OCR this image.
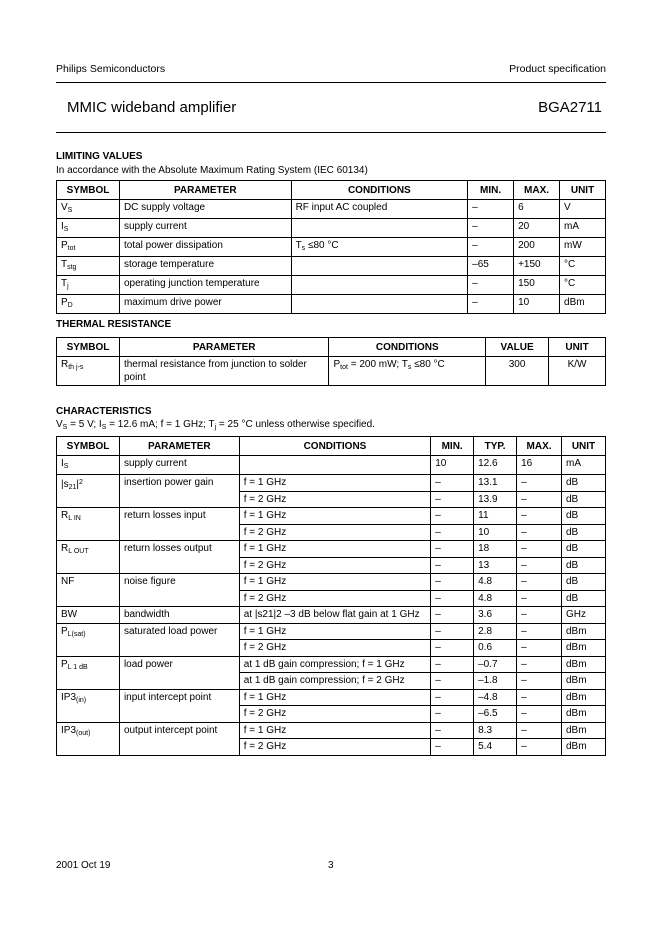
Philips Semiconductors	Product specification
MMIC wideband amplifier	BGA2711
LIMITING VALUES
In accordance with the Absolute Maximum Rating System (IEC 60134)
SYMBOL	PARAMETER	CONDITIONS	MIN.	MAX.	UNIT
$V_S$	DC supply voltage	RF input AC coupled	–	6	V
$I_S$	supply current		–	20	mA
$P_{tot}$	total power dissipation	$T_s \le 80$ °C	–	200	mW
$T_{stg}$	storage temperature		–65	+150	°C
$T_j$	operating junction temperature		–	150	°C
$P_D$	maximum drive power		–	10	dBm
THERMAL RESISTANCE
SYMBOL	PARAMETER	CONDITIONS	VALUE	UNIT
$R_{th j-s}$	thermal resistance from junction to solder point	$P_{tot} = 200$ mW; $T_s \le 80$ °C	300	K/W
CHARACTERISTICS
$V_S = 5$ V; $I_S = 12.6$ mA; f = 1 GHz; $T_j = 25$ °C unless otherwise specified.
SYMBOL	PARAMETER	CONDITIONS	MIN.	TYP.	MAX.	UNIT
$I_S$	supply current		10	12.6	16	mA
$|s_{21}|^2$	insertion power gain	f = 1 GHz	–	13.1	–	dB
		f = 2 GHz	–	13.9	–	dB
$R_{L IN}$	return losses input	f = 1 GHz	–	11	–	dB
		f = 2 GHz	–	10	–	dB
$R_{L OUT}$	return losses output	f = 1 GHz	–	18	–	dB
		f = 2 GHz	–	13	–	dB
NF	noise figure	f = 1 GHz	–	4.8	–	dB
		f = 2 GHz	–	4.8	–	dB
BW	bandwidth	at |s21|2 –3 dB below flat gain at 1 GHz	–	3.6	–	GHz
$P_{L(sat)}$	saturated load power	f = 1 GHz	–	2.8	–	dBm
		f = 2 GHz	–	0.6	–	dBm
$P_{L 1 dB}$	load power	at 1 dB gain compression; f = 1 GHz	–	–0.7	–	dBm
		at 1 dB gain compression; f = 2 GHz	–	–1.8	–	dBm
$IP3_{(in)}$	input intercept point	f = 1 GHz	–	–4.8	–	dBm
		f = 2 GHz	–	–6.5	–	dBm
$IP3_{(out)}$	output intercept point	f = 1 GHz	–	8.3	–	dBm
		f = 2 GHz	–	5.4	–	dBm
2001 Oct 19	3
